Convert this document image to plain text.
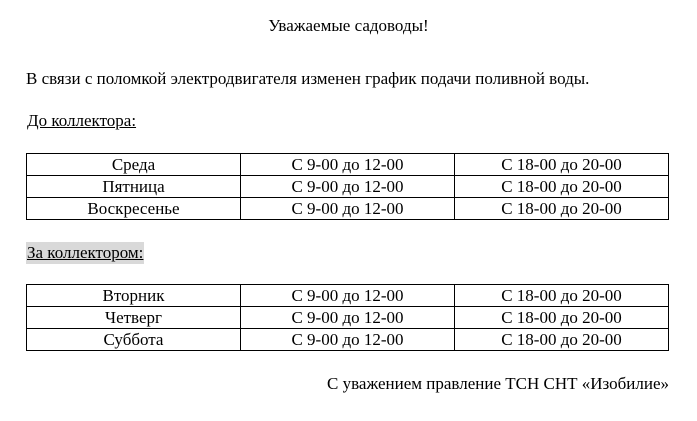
Уважаемые садоводы!
В связи с поломкой электродвигателя изменен график подачи поливной воды.
До коллектора:
Среда	С 9-00 до 12-00	С 18-00 до 20-00
Пятница	С 9-00 до 12-00	С 18-00 до 20-00
Воскресенье	С 9-00 до 12-00	С 18-00 до 20-00
За коллектором:
Вторник	С 9-00 до 12-00	С 18-00 до 20-00
Четверг	С 9-00 до 12-00	С 18-00 до 20-00
Суббота	С 9-00 до 12-00	С 18-00 до 20-00
С уважением правление ТСН СНТ «Изобилие»
